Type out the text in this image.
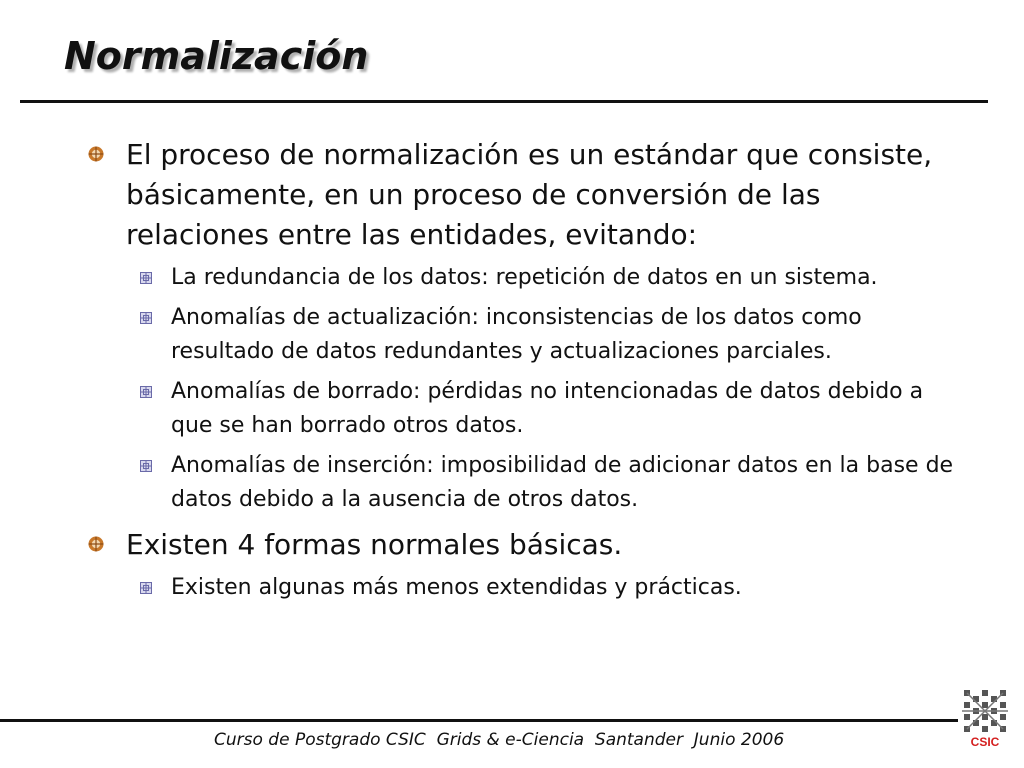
Normalización
El proceso de normalización es un estándar que consiste, básicamente, en un proceso de conversión de las relaciones entre las entidades, evitando:
La redundancia de los datos: repetición de datos en un sistema.
Anomalías de actualización: inconsistencias de los datos como resultado de datos redundantes y actualizaciones parciales.
Anomalías de borrado: pérdidas no intencionadas de datos debido a que se han borrado otros datos.
Anomalías de inserción: imposibilidad de adicionar datos en la base de datos debido a la ausencia de otros datos.
Existen 4 formas normales básicas.
Existen algunas más menos extendidas y prácticas.
Curso de Postgrado CSIC  Grids & e-Ciencia  Santander  Junio 2006	CSIC
